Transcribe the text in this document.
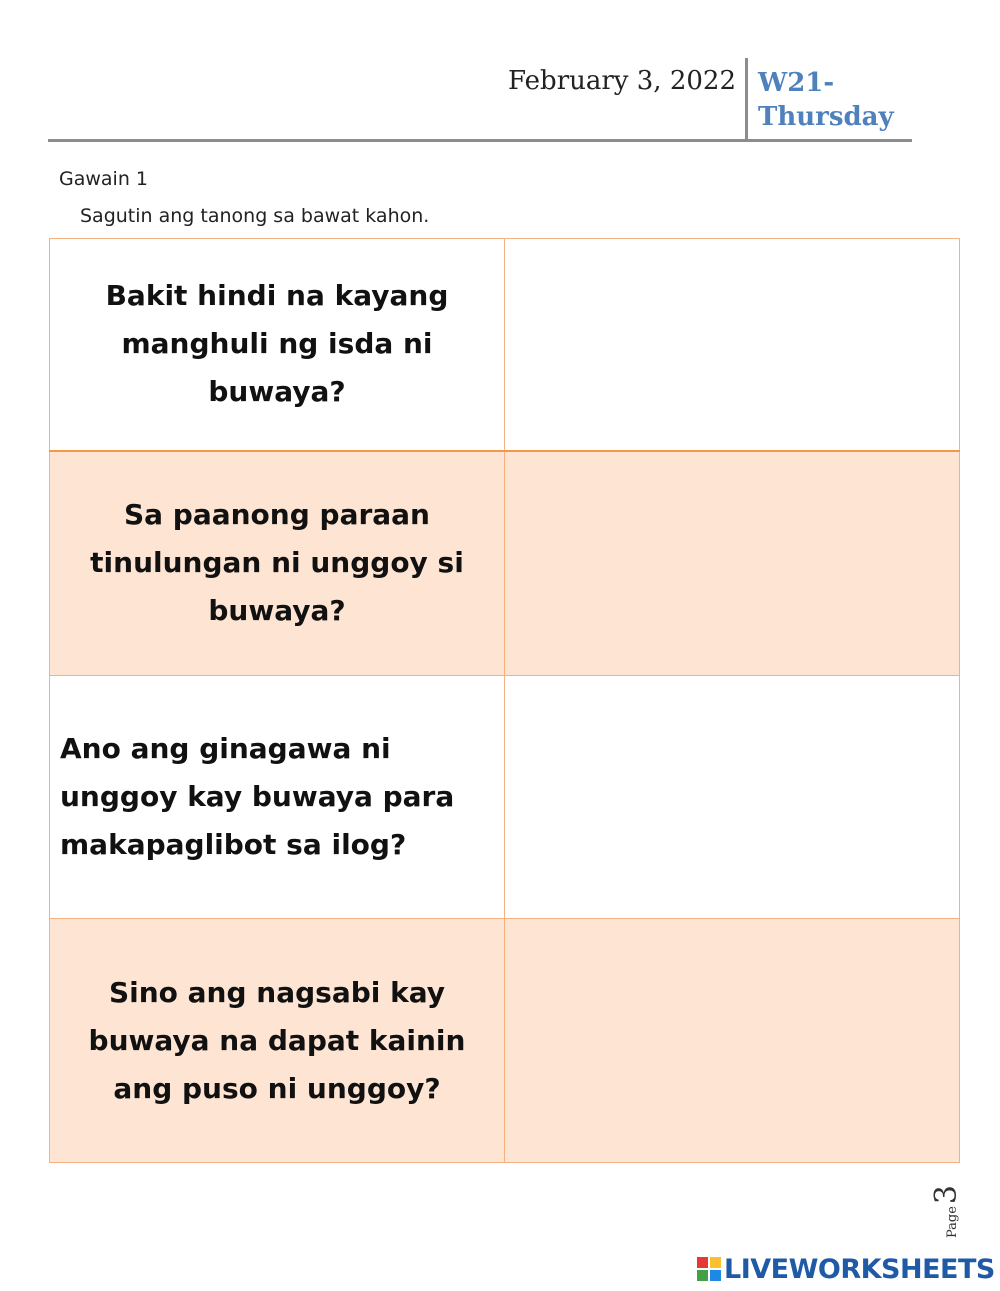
February 3, 2022 W21-
Thursday
Gawain 1
Sagutin ang tanong sa bawat kahon.
Bakit hindi na kayang
manghuli ng isda ni
buwaya?	

Sa paanong paraan
tinulungan ni unggoy si
buwaya?	

Ano ang ginagawa ni
unggoy kay buwaya para
makapaglibot sa ilog?	

Sino ang nagsabi kay
buwaya na dapat kainin
ang puso ni unggoy?	

Page3
LIVEWORKSHEETS
